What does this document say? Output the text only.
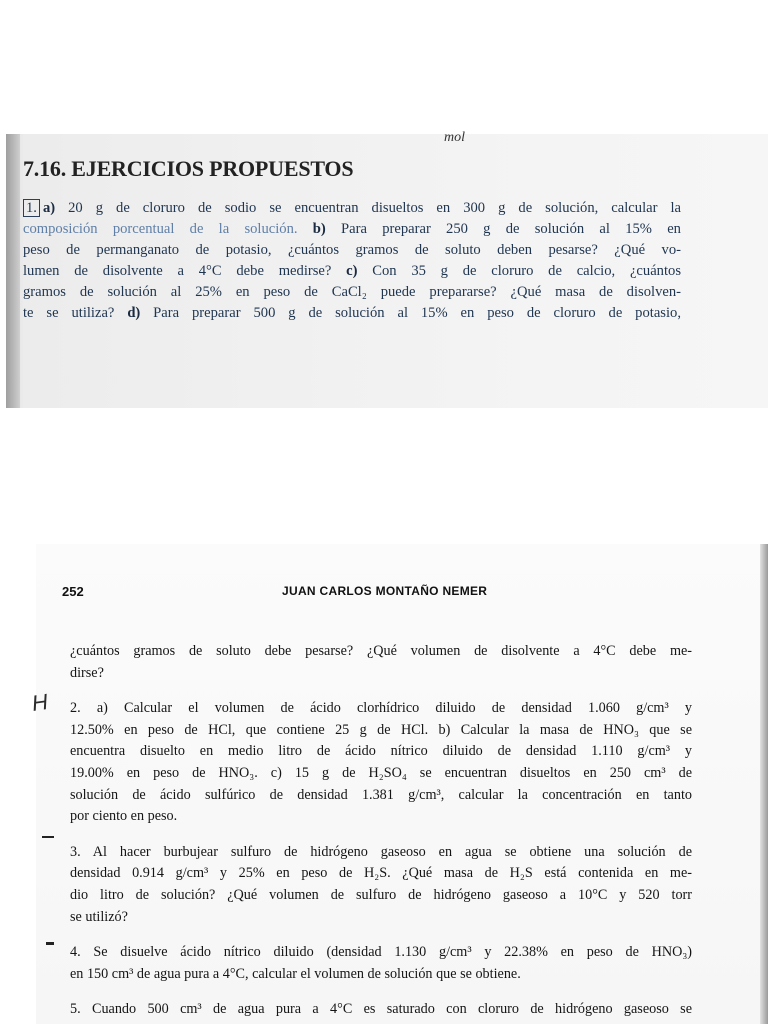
mol
7.16. EJERCICIOS PROPUESTOS
1. a) 20 g de cloruro de sodio se encuentran disueltos en 300 g de solución, calcular la
composición porcentual de la solución. b) Para preparar 250 g de solución al 15% en
peso de permanganato de potasio, ¿cuántos gramos de soluto deben pesarse? ¿Qué vo-
lumen de disolvente a 4°C debe medirse? c) Con 35 g de cloruro de calcio, ¿cuántos
gramos de solución al 25% en peso de CaCl₂ puede prepararse? ¿Qué masa de disolven-
te se utiliza? d) Para preparar 500 g de solución al 15% en peso de cloruro de potasio,
252	JUAN CARLOS MONTAÑO NEMER
H
¿cuántos gramos de soluto debe pesarse? ¿Qué volumen de disolvente a 4°C debe me-
dirse?
2. a) Calcular el volumen de ácido clorhídrico diluido de densidad 1.060 g/cm³ y
12.50% en peso de HCl, que contiene 25 g de HCl. b) Calcular la masa de HNO₃ que se
encuentra disuelto en medio litro de ácido nítrico diluido de densidad 1.110 g/cm³ y
19.00% en peso de HNO₃. c) 15 g de H₂SO₄ se encuentran disueltos en 250 cm³ de
solución de ácido sulfúrico de densidad 1.381 g/cm³, calcular la concentración en tanto
por ciento en peso.
3. Al hacer burbujear sulfuro de hidrógeno gaseoso en agua se obtiene una solución de
densidad 0.914 g/cm³ y 25% en peso de H₂S. ¿Qué masa de H₂S está contenida en me-
dio litro de solución? ¿Qué volumen de sulfuro de hidrógeno gaseoso a 10°C y 520 torr
se utilizó?
4. Se disuelve ácido nítrico diluido (densidad 1.130 g/cm³ y 22.38% en peso de HNO₃)
en 150 cm³ de agua pura a 4°C, calcular el volumen de solución que se obtiene.
5. Cuando 500 cm³ de agua pura a 4°C es saturado con cloruro de hidrógeno gaseoso se
